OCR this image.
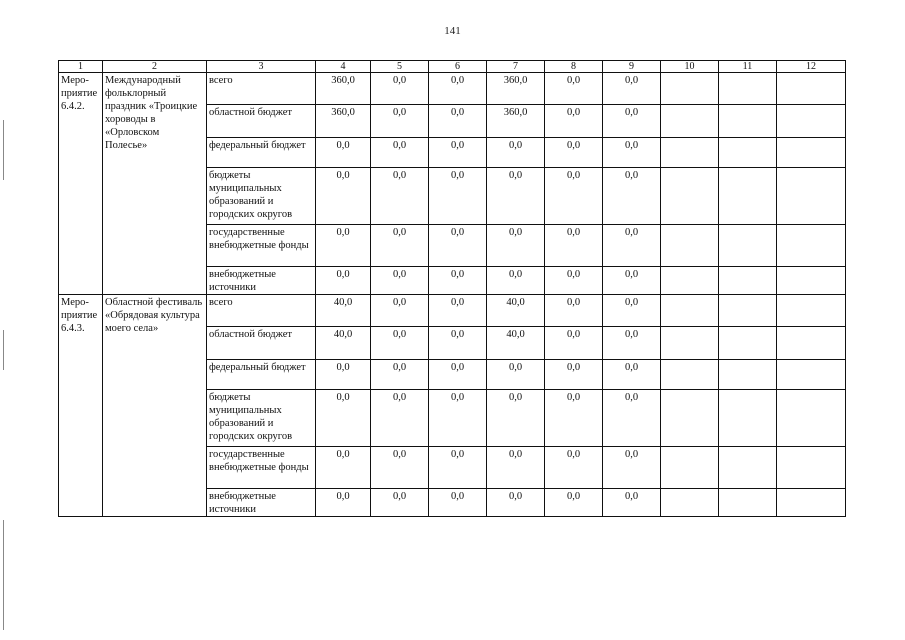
141
1	2	3	4	5	6	7	8	9	10	11	12
Меро-
приятие
6.4.2.	Международный фольклорный праздник «Троицкие хороводы в «Орловском Полесье»	всего	360,0	0,0	0,0	360,0	0,0	0,0			
		областной бюджет	360,0	0,0	0,0	360,0	0,0	0,0			
		федеральный бюджет	0,0	0,0	0,0	0,0	0,0	0,0			
		бюджеты муниципальных образований и городских округов	0,0	0,0	0,0	0,0	0,0	0,0			
		государственные внебюджетные фонды	0,0	0,0	0,0	0,0	0,0	0,0			
		внебюджетные источники	0,0	0,0	0,0	0,0	0,0	0,0			
Меро-
приятие
6.4.3.	Областной фестиваль «Обрядовая культура моего села»	всего	40,0	0,0	0,0	40,0	0,0	0,0			
		областной бюджет	40,0	0,0	0,0	40,0	0,0	0,0			
		федеральный бюджет	0,0	0,0	0,0	0,0	0,0	0,0			
		бюджеты муниципальных образований и городских округов	0,0	0,0	0,0	0,0	0,0	0,0			
		государственные внебюджетные фонды	0,0	0,0	0,0	0,0	0,0	0,0			
		внебюджетные источники	0,0	0,0	0,0	0,0	0,0	0,0			
